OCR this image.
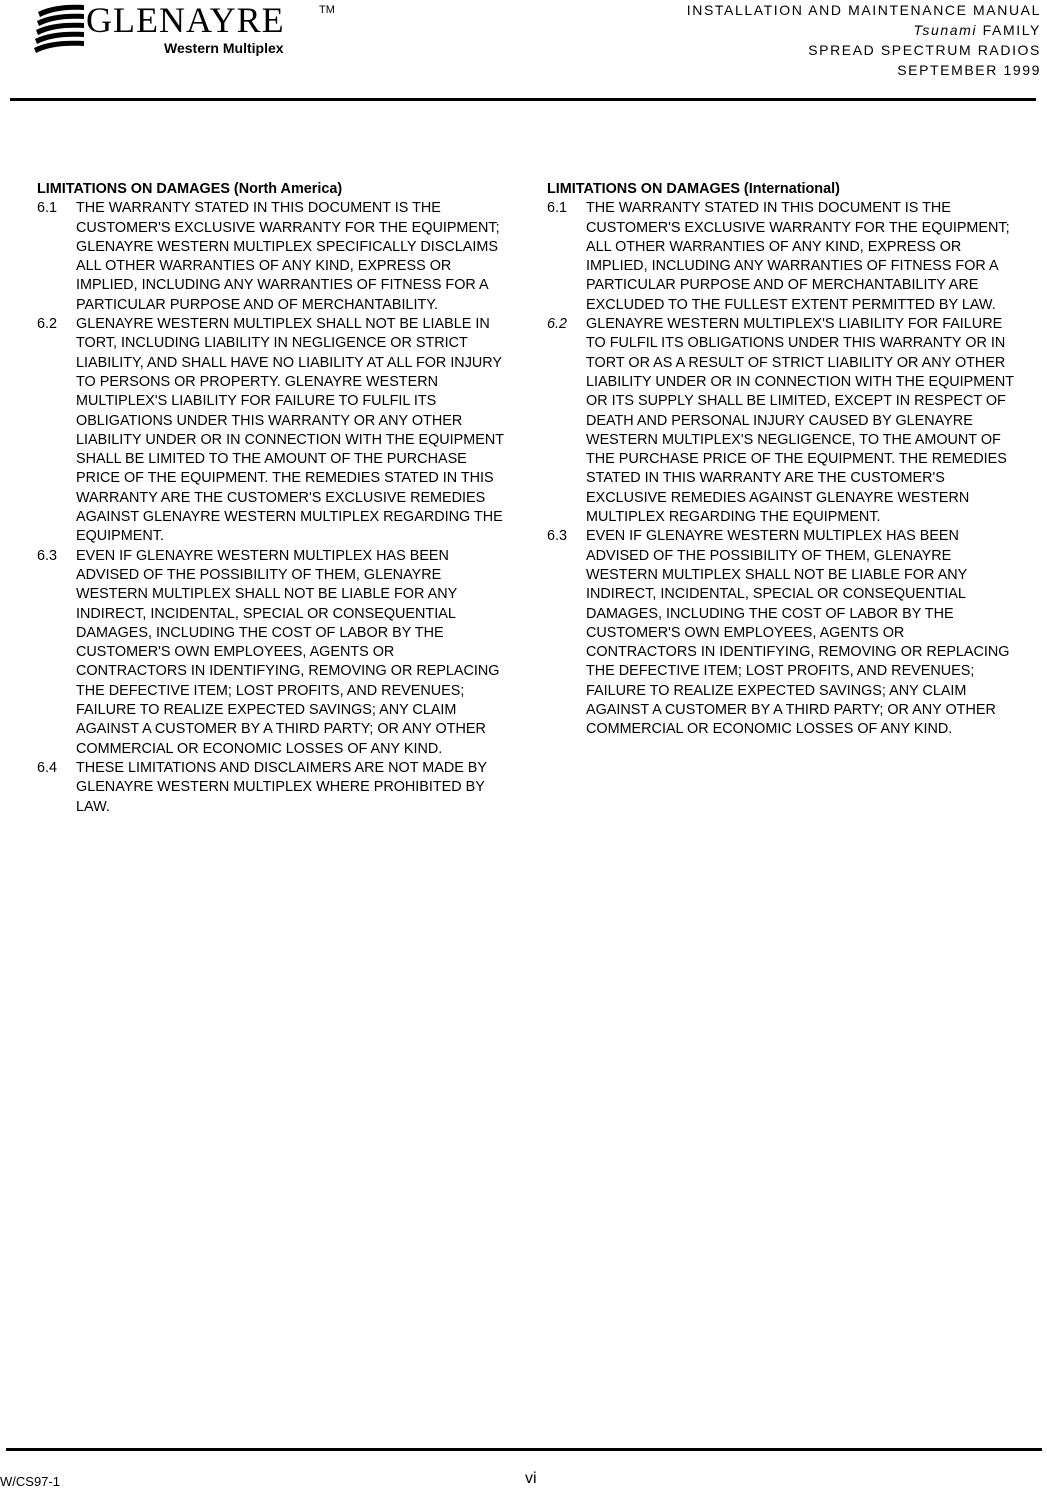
GLENAYRE	TM
Western Multiplex
INSTALLATION AND MAINTENANCE MANUAL
Tsunami FAMILY
SPREAD SPECTRUM RADIOS
SEPTEMBER 1999

LIMITATIONS ON DAMAGES (North America)

6.1	THE WARRANTY STATED IN THIS DOCUMENT IS THE CUSTOMER'S EXCLUSIVE WARRANTY FOR THE EQUIPMENT; GLENAYRE WESTERN MULTIPLEX SPECIFICALLY DISCLAIMS ALL OTHER WARRANTIES OF ANY KIND, EXPRESS OR IMPLIED, INCLUDING ANY WARRANTIES OF FITNESS FOR A PARTICULAR PURPOSE AND OF MERCHANTABILITY.

6.2	GLENAYRE WESTERN MULTIPLEX SHALL NOT BE LIABLE IN TORT, INCLUDING LIABILITY IN NEGLIGENCE OR STRICT LIABILITY, AND SHALL HAVE NO LIABILITY AT ALL FOR INJURY TO PERSONS OR PROPERTY. GLENAYRE WESTERN MULTIPLEX'S LIABILITY FOR FAILURE TO FULFIL ITS OBLIGATIONS UNDER THIS WARRANTY OR ANY OTHER LIABILITY UNDER OR IN CONNECTION WITH THE EQUIPMENT SHALL BE LIMITED TO THE AMOUNT OF THE PURCHASE PRICE OF THE EQUIPMENT. THE REMEDIES STATED IN THIS WARRANTY ARE THE CUSTOMER'S EXCLUSIVE REMEDIES AGAINST GLENAYRE WESTERN MULTIPLEX REGARDING THE EQUIPMENT.

6.3	EVEN IF GLENAYRE WESTERN MULTIPLEX HAS BEEN ADVISED OF THE POSSIBILITY OF THEM, GLENAYRE WESTERN MULTIPLEX SHALL NOT BE LIABLE FOR ANY INDIRECT, INCIDENTAL, SPECIAL OR CONSEQUENTIAL DAMAGES, INCLUDING THE COST OF LABOR BY THE CUSTOMER'S OWN EMPLOYEES, AGENTS OR CONTRACTORS IN IDENTIFYING, REMOVING OR REPLACING THE DEFECTIVE ITEM; LOST PROFITS, AND REVENUES; FAILURE TO REALIZE EXPECTED SAVINGS; ANY CLAIM AGAINST A CUSTOMER BY A THIRD PARTY; OR ANY OTHER COMMERCIAL OR ECONOMIC LOSSES OF ANY KIND.

6.4	THESE LIMITATIONS AND DISCLAIMERS ARE NOT MADE BY GLENAYRE WESTERN MULTIPLEX WHERE PROHIBITED BY LAW.

LIMITATIONS ON DAMAGES (International)

6.1	THE WARRANTY STATED IN THIS DOCUMENT IS THE CUSTOMER'S EXCLUSIVE WARRANTY FOR THE EQUIPMENT; ALL OTHER WARRANTIES OF ANY KIND, EXPRESS OR IMPLIED, INCLUDING ANY WARRANTIES OF FITNESS FOR A PARTICULAR PURPOSE AND OF MERCHANTABILITY ARE EXCLUDED TO THE FULLEST EXTENT PERMITTED BY LAW.

6.2	GLENAYRE WESTERN MULTIPLEX'S LIABILITY FOR FAILURE TO FULFIL ITS OBLIGATIONS UNDER THIS WARRANTY OR IN TORT OR AS A RESULT OF STRICT LIABILITY OR ANY OTHER LIABILITY UNDER OR IN CONNECTION WITH THE EQUIPMENT OR ITS SUPPLY SHALL BE LIMITED, EXCEPT IN RESPECT OF DEATH AND PERSONAL INJURY CAUSED BY GLENAYRE WESTERN MULTIPLEX'S NEGLIGENCE, TO THE AMOUNT OF THE PURCHASE PRICE OF THE EQUIPMENT. THE REMEDIES STATED IN THIS WARRANTY ARE THE CUSTOMER'S EXCLUSIVE REMEDIES AGAINST GLENAYRE WESTERN MULTIPLEX REGARDING THE EQUIPMENT.

6.3	EVEN IF GLENAYRE WESTERN MULTIPLEX HAS BEEN ADVISED OF THE POSSIBILITY OF THEM, GLENAYRE WESTERN MULTIPLEX SHALL NOT BE LIABLE FOR ANY INDIRECT, INCIDENTAL, SPECIAL OR CONSEQUENTIAL DAMAGES, INCLUDING THE COST OF LABOR BY THE CUSTOMER'S OWN EMPLOYEES, AGENTS OR CONTRACTORS IN IDENTIFYING, REMOVING OR REPLACING THE DEFECTIVE ITEM; LOST PROFITS, AND REVENUES; FAILURE TO REALIZE EXPECTED SAVINGS; ANY CLAIM AGAINST A CUSTOMER BY A THIRD PARTY; OR ANY OTHER COMMERCIAL OR ECONOMIC LOSSES OF ANY KIND.

W/CS97-1	vi
